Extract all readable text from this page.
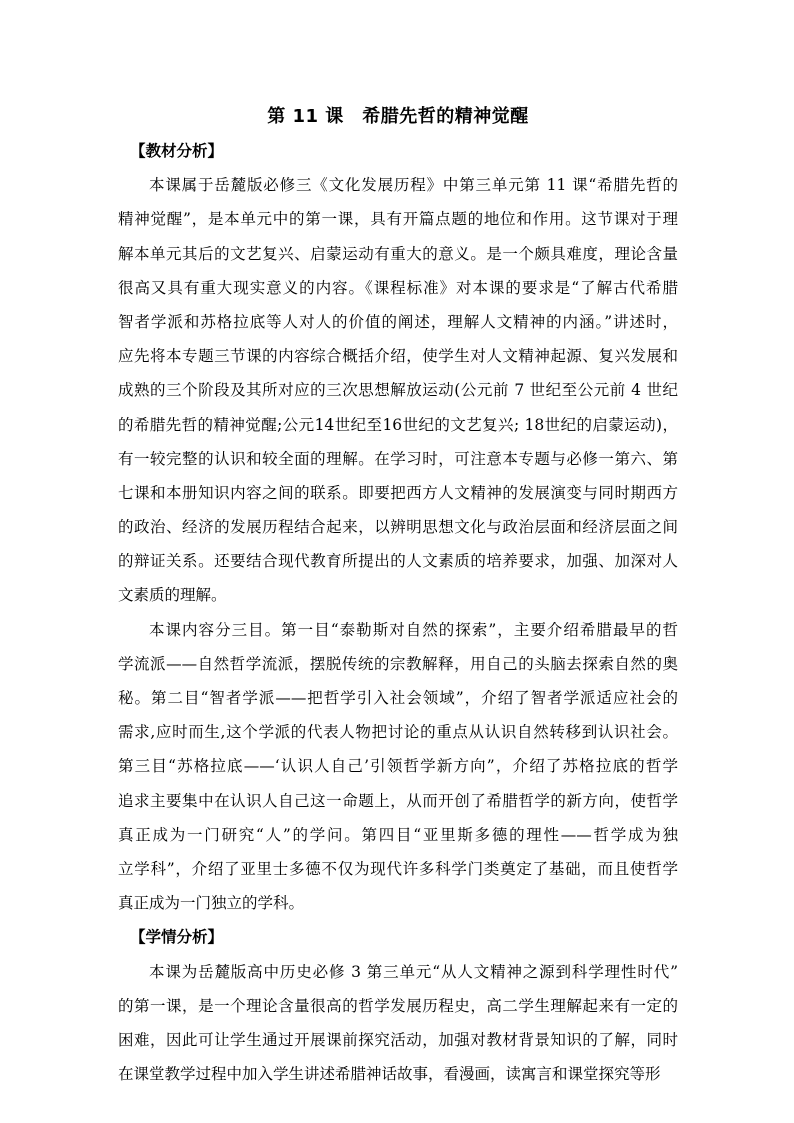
第 11 课　希腊先哲的精神觉醒
【教材分析】
本课属于岳麓版必修三《文化发展历程》中第三单元第 11 课“希腊先哲的
精神觉醒”，是本单元中的第一课，具有开篇点题的地位和作用。这节课对于理
解本单元其后的文艺复兴、启蒙运动有重大的意义。是一个颇具难度，理论含量
很高又具有重大现实意义的内容。《课程标准》对本课的要求是“了解古代希腊
智者学派和苏格拉底等人对人的价值的阐述，理解人文精神的内涵。”讲述时，
应先将本专题三节课的内容综合概括介绍，使学生对人文精神起源、复兴发展和
成熟的三个阶段及其所对应的三次思想解放运动(公元前 7 世纪至公元前 4 世纪
的希腊先哲的精神觉醒;公元14世纪至16世纪的文艺复兴; 18世纪的启蒙运动)，
有一较完整的认识和较全面的理解。在学习时，可注意本专题与必修一第六、第
七课和本册知识内容之间的联系。即要把西方人文精神的发展演变与同时期西方
的政治、经济的发展历程结合起来，以辨明思想文化与政治层面和经济层面之间
的辩证关系。还要结合现代教育所提出的人文素质的培养要求，加强、加深对人
文素质的理解。
本课内容分三目。第一目“泰勒斯对自然的探索”，主要介绍希腊最早的哲
学流派——自然哲学流派，摆脱传统的宗教解释，用自己的头脑去探索自然的奥
秘。第二目“智者学派——把哲学引入社会领域”，介绍了智者学派适应社会的
需求,应时而生,这个学派的代表人物把讨论的重点从认识自然转移到认识社会。
第三目“苏格拉底——‘认识人自己’引领哲学新方向”，介绍了苏格拉底的哲学
追求主要集中在认识人自己这一命题上，从而开创了希腊哲学的新方向，使哲学
真正成为一门研究“人”的学问。第四目“亚里斯多德的理性——哲学成为独
立学科”，介绍了亚里士多德不仅为现代许多科学门类奠定了基础，而且使哲学
真正成为一门独立的学科。
【学情分析】
本课为岳麓版高中历史必修 3 第三单元“从人文精神之源到科学理性时代”
的第一课，是一个理论含量很高的哲学发展历程史，高二学生理解起来有一定的
困难，因此可让学生通过开展课前探究活动，加强对教材背景知识的了解，同时
在课堂教学过程中加入学生讲述希腊神话故事，看漫画，读寓言和课堂探究等形
